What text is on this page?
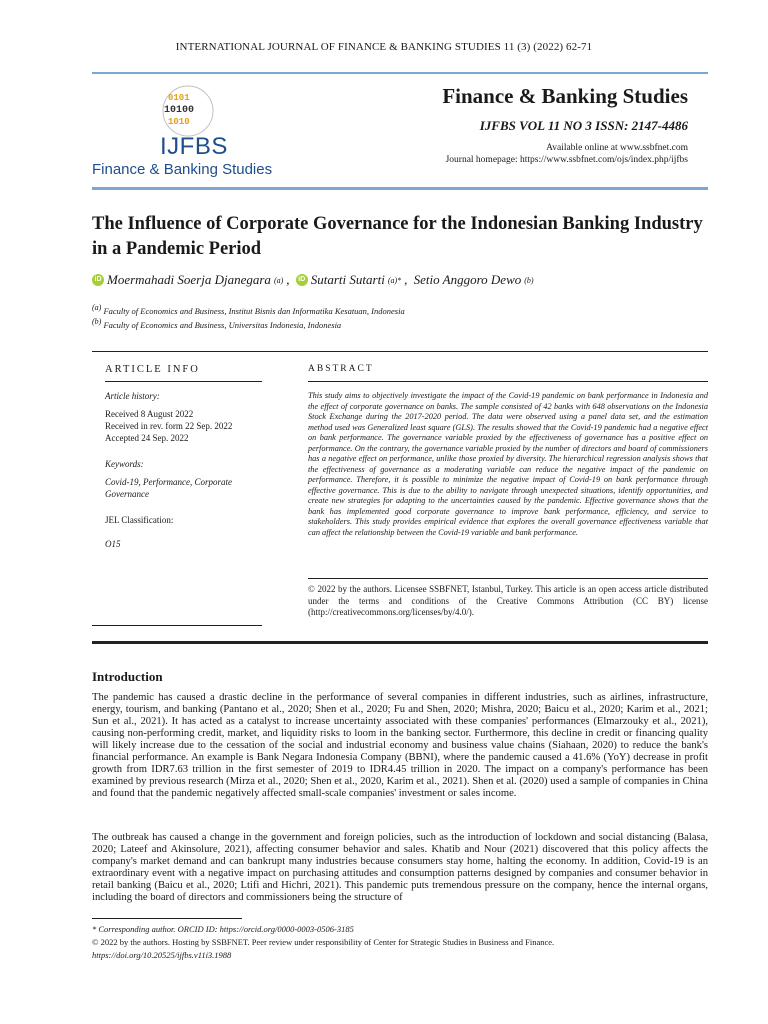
INTERNATIONAL JOURNAL OF FINANCE & BANKING STUDIES 11 (3) (2022) 62-71
0101
10100
1010
IJFBS
Finance & Banking Studies
Finance & Banking Studies
IJFBS VOL 11 NO 3 ISSN: 2147-4486
Available online at www.ssbfnet.com
Journal homepage: https://www.ssbfnet.com/ojs/index.php/ijfbs
The Influence of Corporate Governance for the Indonesian Banking Industry in a Pandemic Period
iD Moermahadi Soerja Djanegara (a) , iD Sutarti Sutarti (a)* , Setio Anggoro Dewo (b)
$^{(a)}$ Faculty of Economics and Business, Institut Bisnis dan Informatika Kesatuan, Indonesia
$^{(b)}$ Faculty of Economics and Business, Universitas Indonesia, Indonesia
ARTICLE INFO
Article history:
Received 8 August 2022
Received in rev. form 22 Sep. 2022
Accepted 24 Sep. 2022
Keywords:
Covid-19, Performance, Corporate Governance
JEL Classification:
O15
ABSTRACT
This study aims to objectively investigate the impact of the Covid-19 pandemic on bank performance in Indonesia and the effect of corporate governance on banks. The sample consisted of 42 banks with 648 observations on the Indonesia Stock Exchange during the 2017-2020 period. The data were observed using a panel data set, and the estimation method used was Generalized least square (GLS). The results showed that the Covid-19 pandemic had a negative effect on bank performance. The governance variable proxied by the effectiveness of governance has a positive effect on performance. On the contrary, the governance variable proxied by the number of directors and board of commissioners has a negative effect on performance, unlike those proxied by diversity. The hierarchical regression analysis shows that the effectiveness of governance as a moderating variable can reduce the negative impact of the pandemic on performance. Therefore, it is possible to minimize the negative impact of Covid-19 on bank performance through effective governance. This is due to the ability to navigate through unexpected situations, identify opportunities, and create new strategies for adapting to the uncertainties caused by the pandemic. Effective governance shows that the bank has implemented good corporate governance to improve bank performance, efficiency, and service to stakeholders. This study provides empirical evidence that explores the overall governance effectiveness variable that can affect the relationship between the Covid-19 variable and bank performance.
© 2022 by the authors. Licensee SSBFNET, Istanbul, Turkey. This article is an open access article distributed under the terms and conditions of the Creative Commons Attribution (CC BY) license (http://creativecommons.org/licenses/by/4.0/).
Introduction
The pandemic has caused a drastic decline in the performance of several companies in different industries, such as airlines, infrastructure, energy, tourism, and banking (Pantano et al., 2020; Shen et al., 2020; Fu and Shen, 2020; Mishra, 2020; Baicu et al., 2020; Karim et al., 2021; Sun et al., 2021). It has acted as a catalyst to increase uncertainty associated with these companies' performances (Elmarzouky et al., 2021), causing non-performing credit, market, and liquidity risks to loom in the banking sector. Furthermore, this decline in credit or financing quality will likely increase due to the cessation of the social and industrial economy and business value chains (Siahaan, 2020) to reduce the bank's financial performance. An example is Bank Negara Indonesia Company (BBNI), where the pandemic caused a 41.6% (YoY) decrease in profit growth from IDR7.63 trillion in the first semester of 2019 to IDR4.45 trillion in 2020. The impact on a company's performance has been examined by previous research (Mirza et al., 2020; Shen et al., 2020, Karim et al., 2021). Shen et al. (2020) used a sample of companies in China and found that the pandemic negatively affected small-scale companies' investment or sales income.
The outbreak has caused a change in the government and foreign policies, such as the introduction of lockdown and social distancing (Balasa, 2020; Lateef and Akinsolure, 2021), affecting consumer behavior and sales. Khatib and Nour (2021) discovered that this policy affects the company's market demand and can bankrupt many industries because consumers stay home, halting the economy. In addition, Covid-19 is an extraordinary event with a negative impact on purchasing attitudes and consumption patterns designed by companies and consumer behavior in retail banking (Baicu et al., 2020; Ltifi and Hichri, 2021). This pandemic puts tremendous pressure on the company, hence the internal organs, including the board of directors and commissioners being the structure of
* Corresponding author. ORCID ID: https://orcid.org/0000-0003-0506-3185
© 2022 by the authors. Hosting by SSBFNET. Peer review under responsibility of Center for Strategic Studies in Business and Finance.
https://doi.org/10.20525/ijfbs.v11i3.1988
